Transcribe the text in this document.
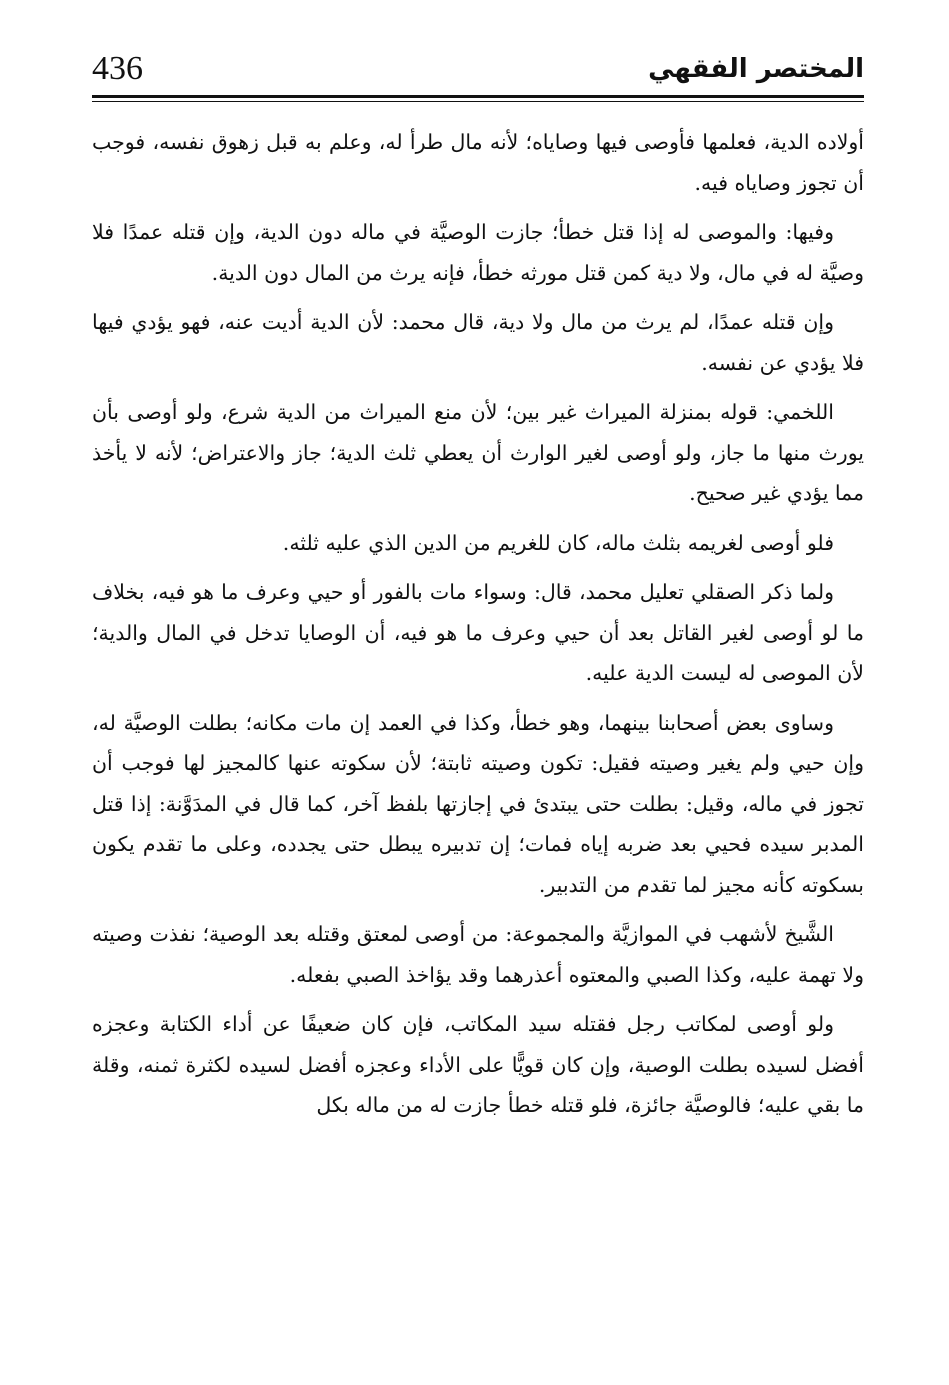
436	المختصر الفقهي

أولاده الدية، فعلمها فأوصى فيها وصاياه؛ لأنه مال طرأ له، وعلم به قبل زهوق نفسه، فوجب أن تجوز وصاياه فيه.

وفيها: والموصى له إذا قتل خطأ؛ جازت الوصيَّة في ماله دون الدية، وإن قتله عمدًا فلا وصيَّة له في مال، ولا دية كمن قتل مورثه خطأ، فإنه يرث من المال دون الدية.

وإن قتله عمدًا، لم يرث من مال ولا دية، قال محمد: لأن الدية أديت عنه، فهو يؤدي فيها فلا يؤدي عن نفسه.

اللخمي: قوله بمنزلة الميراث غير بين؛ لأن منع الميراث من الدية شرع، ولو أوصى بأن يورث منها ما جاز، ولو أوصى لغير الوارث أن يعطي ثلث الدية؛ جاز والاعتراض؛ لأنه لا يأخذ مما يؤدي غير صحيح.

فلو أوصى لغريمه بثلث ماله، كان للغريم من الدين الذي عليه ثلثه.

ولما ذكر الصقلي تعليل محمد، قال: وسواء مات بالفور أو حيي وعرف ما هو فيه، بخلاف ما لو أوصى لغير القاتل بعد أن حيي وعرف ما هو فيه، أن الوصايا تدخل في المال والدية؛ لأن الموصى له ليست الدية عليه.

وساوى بعض أصحابنا بينهما، وهو خطأ، وكذا في العمد إن مات مكانه؛ بطلت الوصيَّة له، وإن حيي ولم يغير وصيته فقيل: تكون وصيته ثابتة؛ لأن سكوته عنها كالمجيز لها فوجب أن تجوز في ماله، وقيل: بطلت حتى يبتدئ في إجازتها بلفظ آخر، كما قال في المدَوَّنة: إذا قتل المدبر سيده فحيي بعد ضربه إياه فمات؛ إن تدبيره يبطل حتى يجدده، وعلى ما تقدم يكون بسكوته كأنه مجيز لما تقدم من التدبير.

الشَّيخ لأشهب في الموازيَّة والمجموعة: من أوصى لمعتق وقتله بعد الوصية؛ نفذت وصيته ولا تهمة عليه، وكذا الصبي والمعتوه أعذرهما وقد يؤاخذ الصبي بفعله.

ولو أوصى لمكاتب رجل فقتله سيد المكاتب، فإن كان ضعيفًا عن أداء الكتابة وعجزه أفضل لسيده بطلت الوصية، وإن كان قويًّا على الأداء وعجزه أفضل لسيده لكثرة ثمنه، وقلة ما بقي عليه؛ فالوصيَّة جائزة، فلو قتله خطأ جازت له من ماله بكل
